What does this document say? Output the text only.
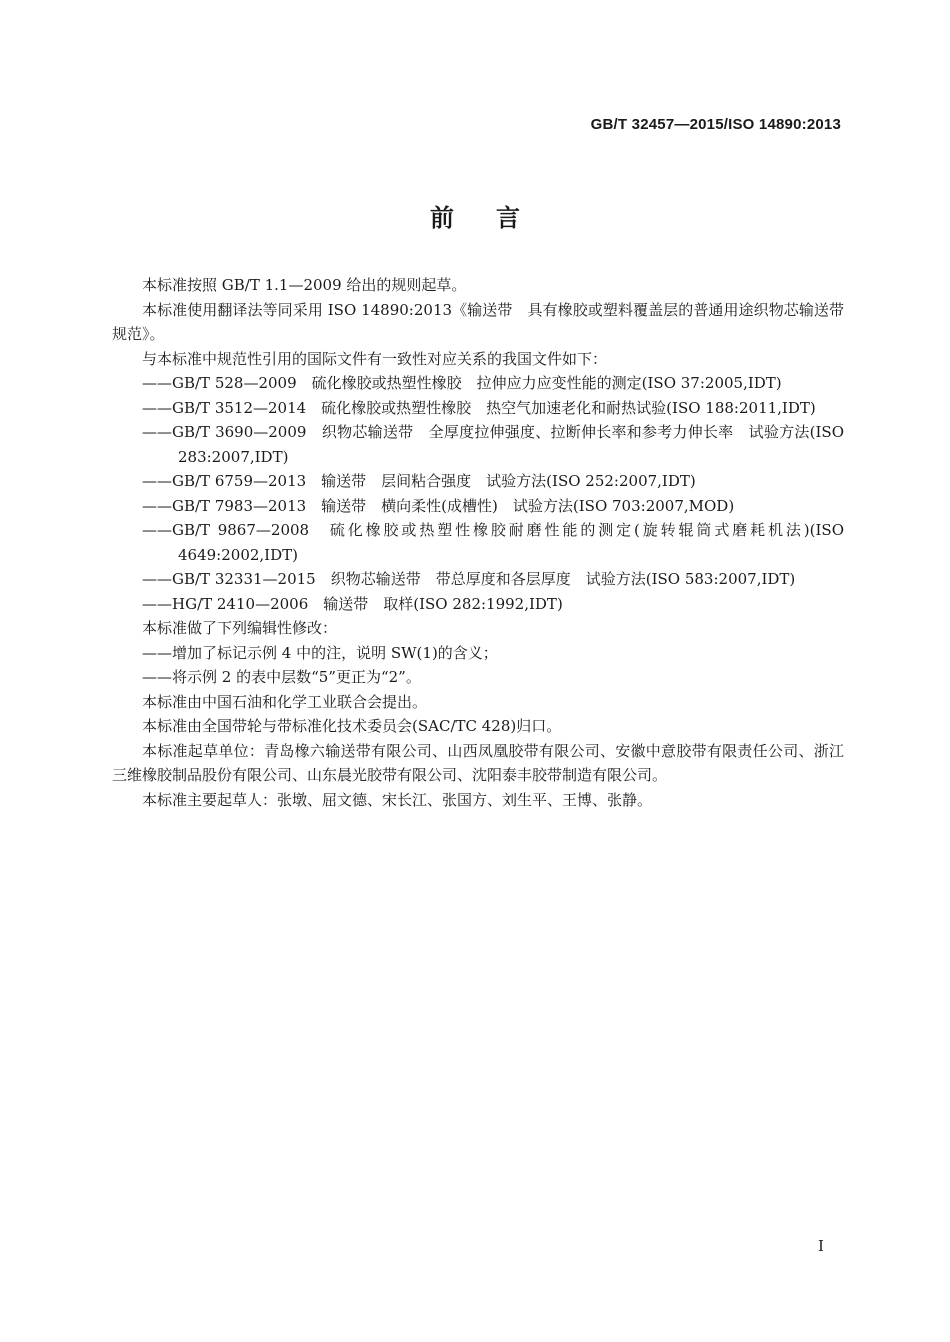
GB/T 32457—2015/ISO 14890:2013
前言

本标准按照 GB/T 1.1—2009 给出的规则起草。

本标准使用翻译法等同采用 ISO 14890:2013《输送带　具有橡胶或塑料覆盖层的普通用途织物芯输送带规范》。

与本标准中规范性引用的国际文件有一致性对应关系的我国文件如下：

——GB/T 528—2009　硫化橡胶或热塑性橡胶　拉伸应力应变性能的测定(ISO 37:2005,IDT)

——GB/T 3512—2014　硫化橡胶或热塑性橡胶　热空气加速老化和耐热试验(ISO 188:2011,IDT)

——GB/T 3690—2009　织物芯输送带　全厚度拉伸强度、拉断伸长率和参考力伸长率　试验方法(ISO 283:2007,IDT)

——GB/T 6759—2013　输送带　层间粘合强度　试验方法(ISO 252:2007,IDT)

——GB/T 7983—2013　输送带　横向柔性(成槽性)　试验方法(ISO 703:2007,MOD)

——GB/T 9867—2008　硫化橡胶或热塑性橡胶耐磨性能的测定(旋转辊筒式磨耗机法)(ISO 4649:2002,IDT)

——GB/T 32331—2015　织物芯输送带　带总厚度和各层厚度　试验方法(ISO 583:2007,IDT)

——HG/T 2410—2006　输送带　取样(ISO 282:1992,IDT)

本标准做了下列编辑性修改：

——增加了标记示例 4 中的注，说明 SW(1)的含义；

——将示例 2 的表中层数“5”更正为“2”。

本标准由中国石油和化学工业联合会提出。

本标准由全国带轮与带标准化技术委员会(SAC/TC 428)归口。

本标准起草单位：青岛橡六输送带有限公司、山西凤凰胶带有限公司、安徽中意胶带有限责任公司、浙江三维橡胶制品股份有限公司、山东晨光胶带有限公司、沈阳泰丰胶带制造有限公司。

本标准主要起草人：张墩、屈文德、宋长江、张国方、刘生平、王博、张静。

I
